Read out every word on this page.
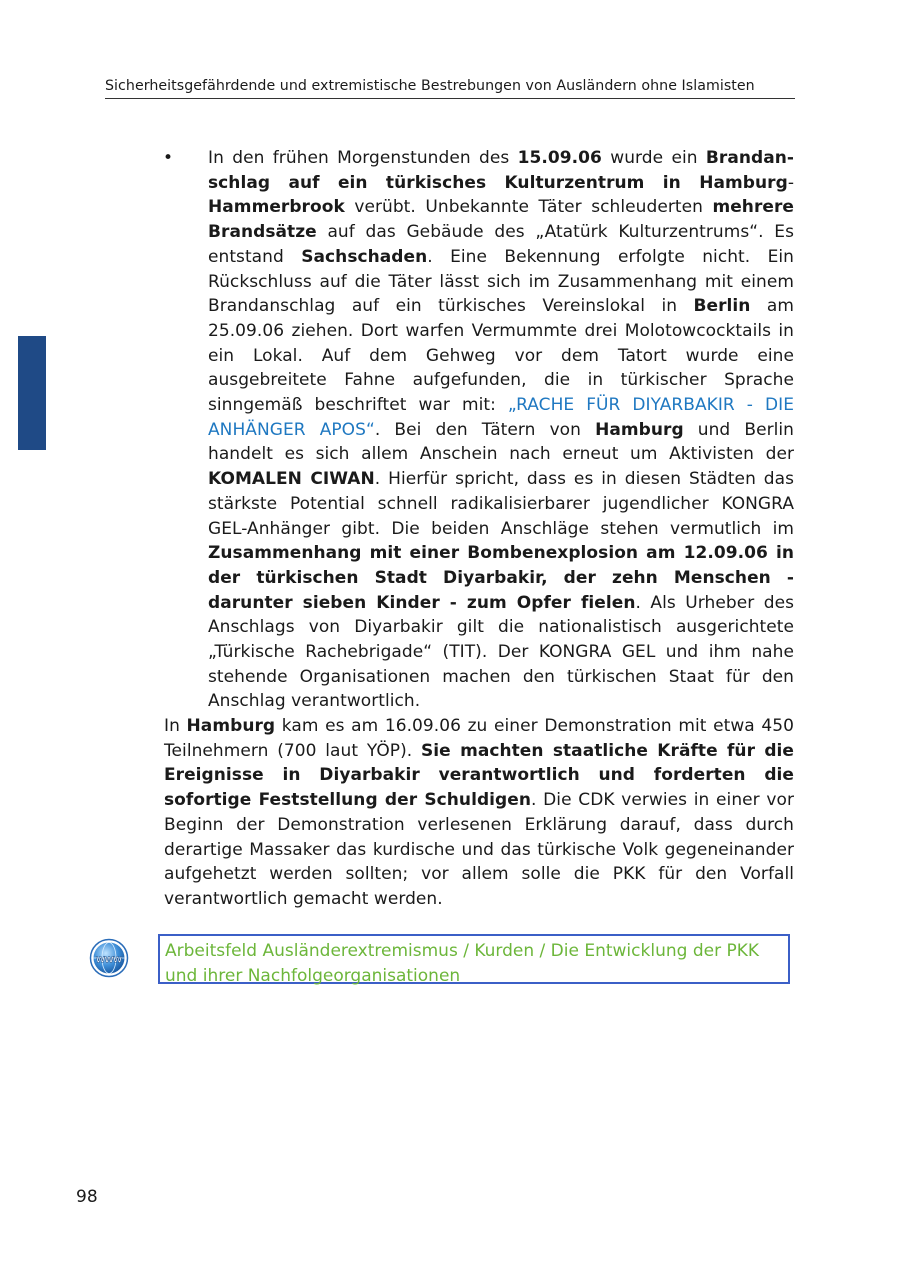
Sicherheitsgefährdende und extremistische Bestrebungen von Ausländern ohne Islamisten
• In den frühen Morgenstunden des 15.09.06 wurde ein Brandanschlag auf ein türkisches Kulturzentrum in Hamburg-Hammerbrook verübt. Unbekannte Täter schleuderten mehrere Brandsätze auf das Gebäude des „Atatürk Kulturzentrums“. Es entstand Sachschaden. Eine Bekennung erfolgte nicht. Ein Rückschluss auf die Täter lässt sich im Zusammenhang mit einem Brandanschlag auf ein türkisches Vereinslokal in Berlin am 25.09.06 ziehen. Dort warfen Vermummte drei Molotowcocktails in ein Lokal. Auf dem Gehweg vor dem Tatort wurde eine ausgebreitete Fahne aufgefunden, die in türkischer Sprache sinngemäß beschriftet war mit: „RACHE FÜR DIYARBAKIR - DIE ANHÄNGER APOS“. Bei den Tätern von Hamburg und Berlin handelt es sich allem Anschein nach erneut um Aktivisten der KOMALEN CIWAN. Hierfür spricht, dass es in diesen Städten das stärkste Potential schnell radikalisierbarer jugendlicher KONGRA GEL-Anhänger gibt. Die beiden Anschläge stehen vermutlich im Zusammenhang mit einer Bombenexplosion am 12.09.06 in der türkischen Stadt Diyarbakir, der zehn Menschen - darunter sieben Kinder - zum Opfer fielen. Als Urheber des Anschlags von Diyarbakir gilt die nationalistisch ausgerichtete „Türkische Rachebrigade“ (TIT). Der KONGRA GEL und ihm nahe stehende Organisationen machen den türkischen Staat für den Anschlag verantwortlich.
In Hamburg kam es am 16.09.06 zu einer Demonstration mit etwa 450 Teilnehmern (700 laut YÖP). Sie machten staatliche Kräfte für die Ereignisse in Diyarbakir verantwortlich und forderten die sofortige Feststellung der Schuldigen. Die CDK verwies in einer vor Beginn der Demonstration verlesenen Erklärung darauf, dass durch derartige Massaker das kurdische und das türkische Volk gegeneinander aufgehetzt werden sollten; vor allem solle die PKK für den Vorfall verantwortlich gemacht werden.
www	Arbeitsfeld Ausländerextremismus / Kurden / Die Entwicklung der PKK und ihrer Nachfolgeorganisationen
98
